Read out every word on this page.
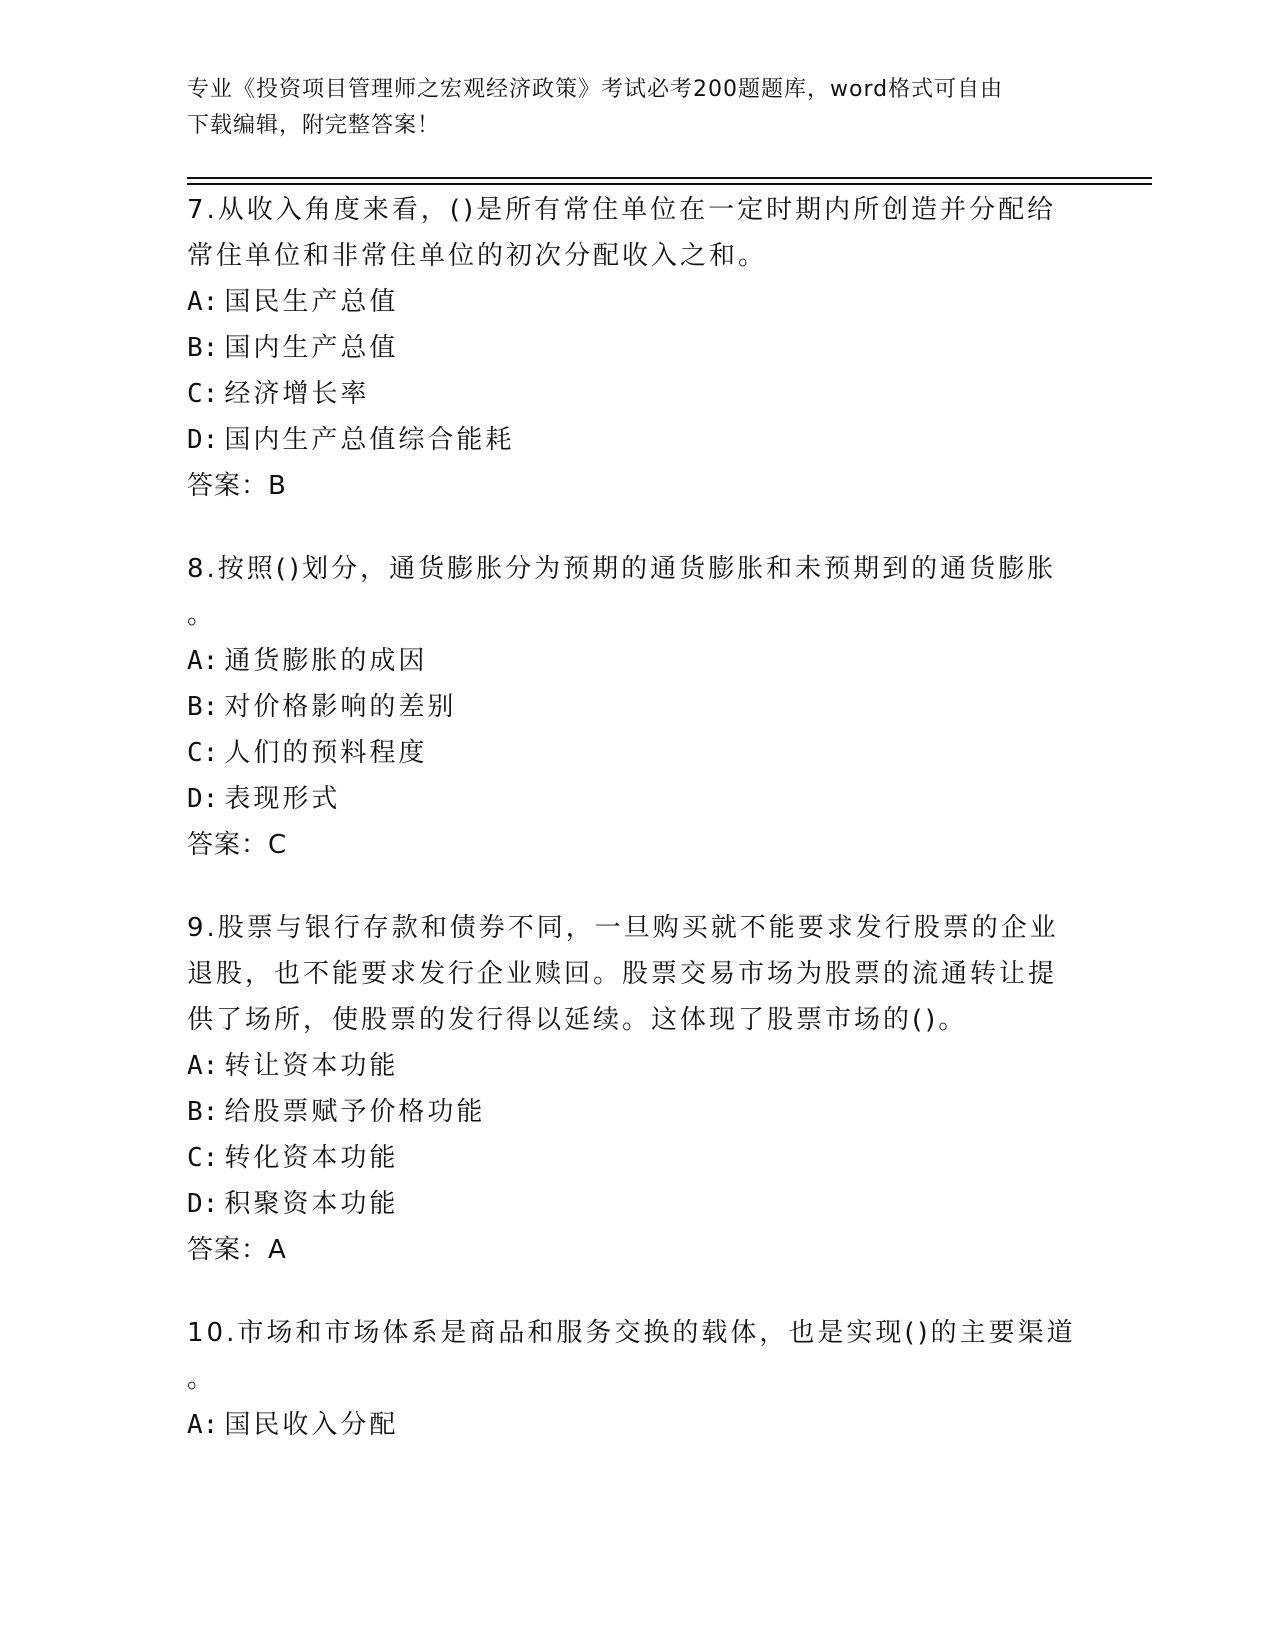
专业《投资项目管理师之宏观经济政策》考试必考200题题库，word格式可自由
下载编辑，附完整答案！
7.从收入角度来看，()是所有常住单位在一定时期内所创造并分配给
常住单位和非常住单位的初次分配收入之和。
A: 国民生产总值
B: 国内生产总值
C: 经济增长率
D: 国内生产总值综合能耗
答案：B
8.按照()划分，通货膨胀分为预期的通货膨胀和未预期到的通货膨胀
。
A: 通货膨胀的成因
B: 对价格影响的差别
C: 人们的预料程度
D: 表现形式
答案：C
9.股票与银行存款和债券不同，一旦购买就不能要求发行股票的企业
退股，也不能要求发行企业赎回。股票交易市场为股票的流通转让提
供了场所，使股票的发行得以延续。这体现了股票市场的()。
A: 转让资本功能
B: 给股票赋予价格功能
C: 转化资本功能
D: 积聚资本功能
答案：A
10.市场和市场体系是商品和服务交换的载体，也是实现()的主要渠道
。
A: 国民收入分配
